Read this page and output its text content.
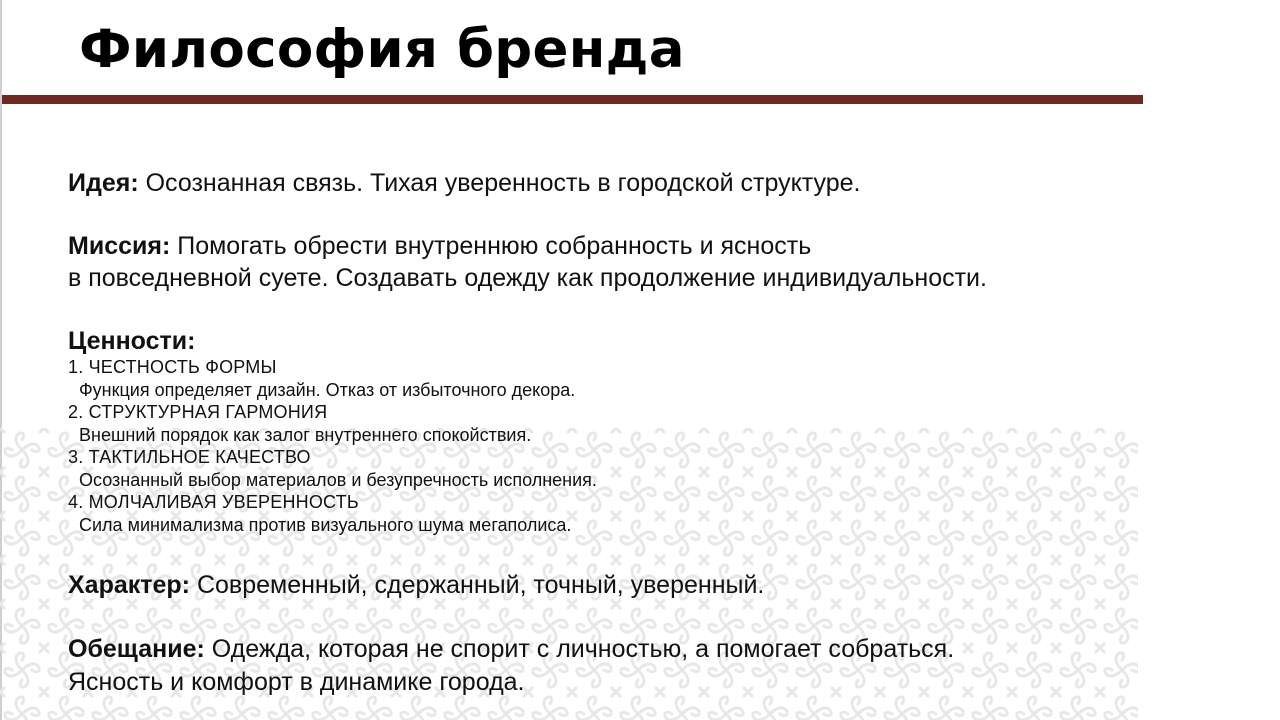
Философия бренда

Идея: Осознанная связь. Тихая уверенность в городской структуре.

Миссия: Помогать обрести внутреннюю собранность и ясность

в повседневной суете. Создавать одежду как продолжение индивидуальности.

Ценности:

1. ЧЕСТНОСТЬ ФОРМЫ
Функция определяет дизайн. Отказ от избыточного декора.
2. СТРУКТУРНАЯ ГАРМОНИЯ
Внешний порядок как залог внутреннего спокойствия.
3. ТАКТИЛЬНОЕ КАЧЕСТВО
Осознанный выбор материалов и безупречность исполнения.
4. МОЛЧАЛИВАЯ УВЕРЕННОСТЬ
Сила минимализма против визуального шума мегаполиса.

Характер: Современный, сдержанный, точный, уверенный.

Обещание: Одежда, которая не спорит с личностью, а помогает собраться.

Ясность и комфорт в динамике города.
